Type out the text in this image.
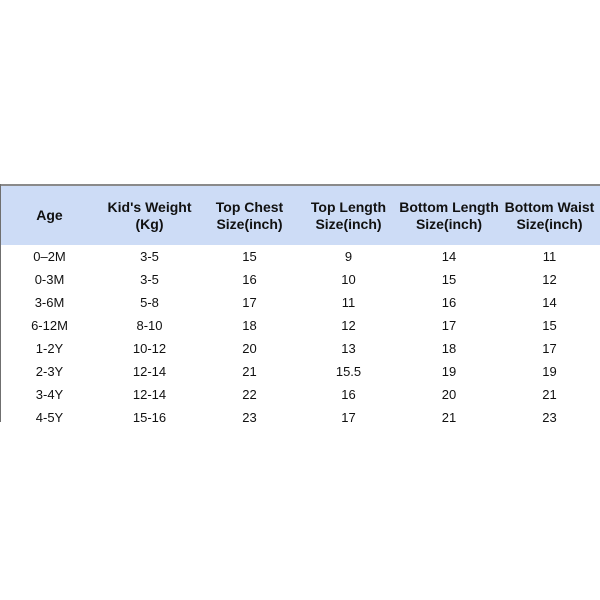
Age	Kid's Weight (Kg)	Top Chest Size(inch)	Top Length Size(inch)	Bottom Length Size(inch)	Bottom Waist Size(inch)
0–2M	3-5	15	9	14	11
0-3M	3-5	16	10	15	12
3-6M	5-8	17	11	16	14
6-12M	8-10	18	12	17	15
1-2Y	10-12	20	13	18	17
2-3Y	12-14	21	15.5	19	19
3-4Y	12-14	22	16	20	21
4-5Y	15-16	23	17	21	23
